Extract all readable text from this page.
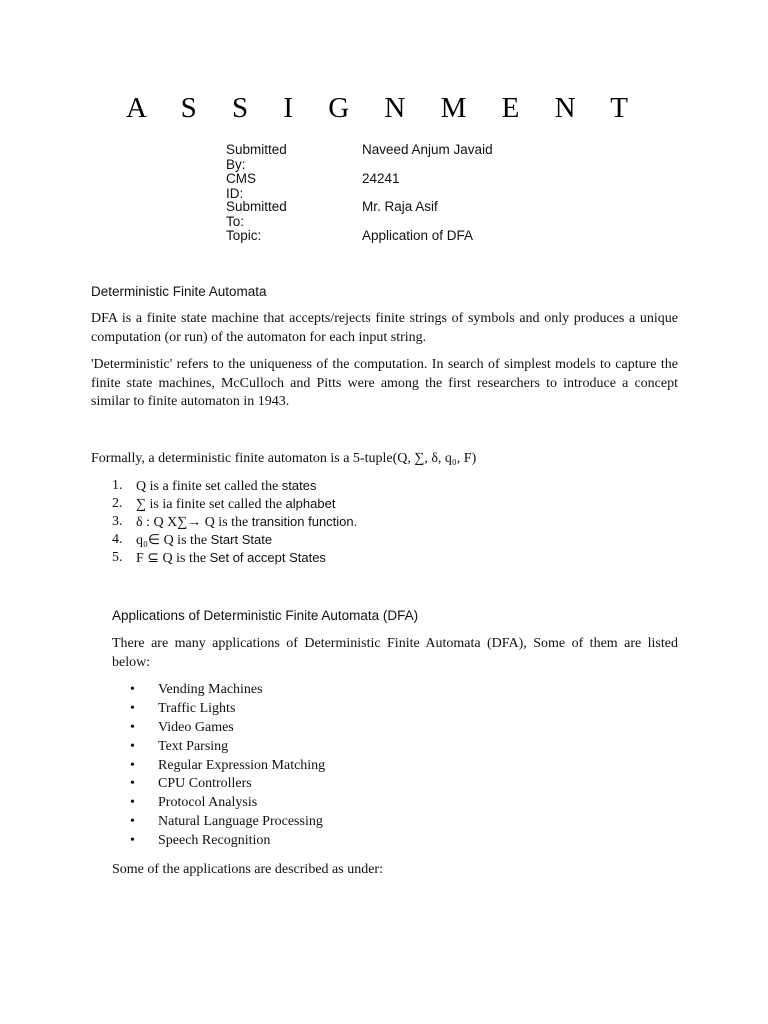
A S S I G N M E N T
Submitted By:
Naveed Anjum Javaid
CMS ID:
24241
Submitted To:
Mr. Raja Asif
Topic:	Application of DFA
Deterministic Finite Automata
DFA is a finite state machine that accepts/rejects finite strings of symbols and only produces a unique computation (or run) of the automaton for each input string.
'Deterministic' refers to the uniqueness of the computation. In search of simplest models to capture the finite state machines, McCulloch and Pitts were among the first researchers to introduce a concept similar to finite automaton in 1943.
Formally, a deterministic finite automaton is a 5-tuple(Q, ∑, δ, q₀, F)
1. Q is a finite set called the states
2. ∑ is ia finite set called the alphabet
3. δ : Q X∑→ Q is the transition function.
4. q₀∈ Q is the Start State
5. F ⊆ Q is the Set of accept States
Applications of Deterministic Finite Automata (DFA)
There are many applications of Deterministic Finite Automata (DFA), Some of them are listed below:
• Vending Machines
• Traffic Lights
• Video Games
• Text Parsing
• Regular Expression Matching
• CPU Controllers
• Protocol Analysis
• Natural Language Processing
• Speech Recognition
Some of the applications are described as under:
